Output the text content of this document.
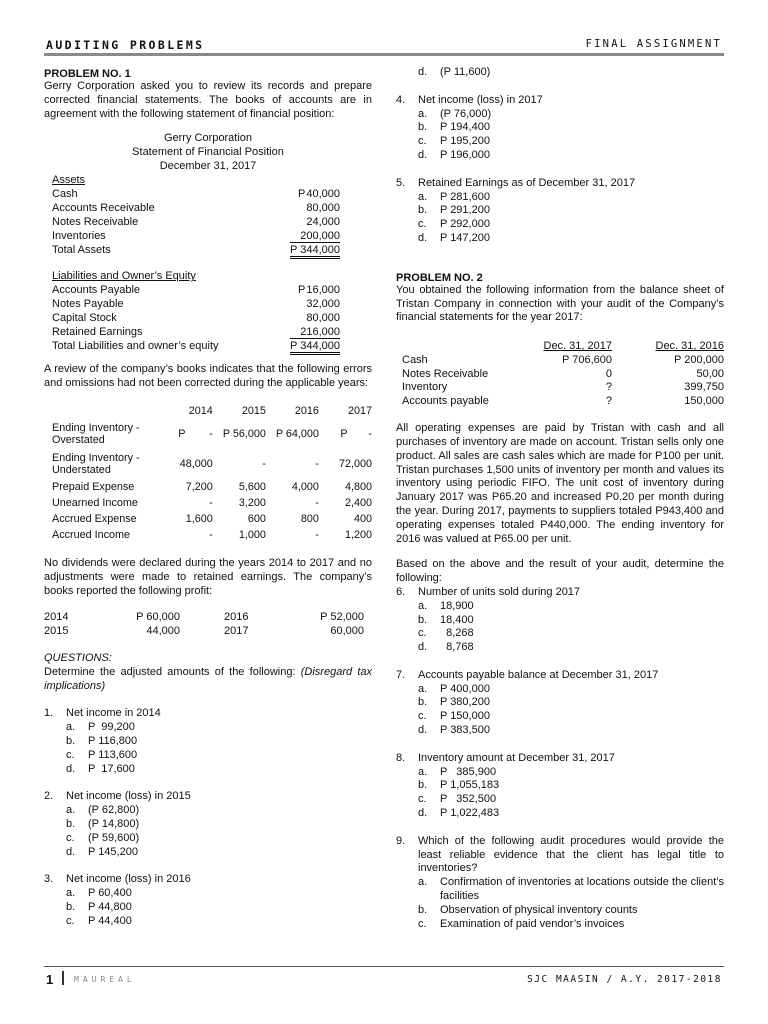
AUDITING PROBLEMS	FINAL ASSIGNMENT

PROBLEM NO. 1

Gerry Corporation asked you to review its records and prepare corrected financial statements. The books of accounts are in agreement with the following statement of financial position:

Gerry Corporation

Statement of Financial Position

December 31, 2017

Assets
Cash	P 40,000
Accounts Receivable	80,000
Notes Receivable	24,000
Inventories	200,000
Total Assets	P 344,000
Liabilities and Owner’s Equity
Accounts Payable	P 16,000
Notes Payable	32,000
Capital Stock	80,000
Retained Earnings	216,000
Total Liabilities and owner’s equity	P 344,000

A review of the company’s books indicates that the following errors and omissions had not been corrected during the applicable years:

	2014	2015	2016	2017
Ending Inventory - Overstated	P        -	P 56,000	P 64,000	P       -
Ending Inventory - Understated	48,000	-	-	72,000
Prepaid Expense	7,200	5,600	4,000	4,800
Unearned Income	-	3,200	-	2,400
Accrued Expense	1,600	600	800	400
Accrued Income	-	1,000	-	1,200

No dividends were declared during the years 2014 to 2017 and no adjustments were made to retained earnings. The company’s books reported the following profit:

2014	P 60,000		2016	P 52,000
2015	44,000		2017	60,000

QUESTIONS:

Determine the adjusted amounts of the following: (Disregard tax implications)

1.	Net income in 2014
a.	P  99,200
b.	P 116,800
c.	P 113,600
d.	P  17,600
2.	Net income (loss) in 2015
a.	(P 62,800)
b.	(P 14,800)
c.	(P 59,600)
d.	P 145,200
3.	Net income (loss) in 2016
a.	P 60,400
b.	P 44,800
c.	P 44,400
d.	(P 11,600)
4.	Net income (loss) in 2017
a.	(P 76,000)
b.	P 194,400
c.	P 195,200
d.	P 196,000
5.	Retained Earnings as of December 31, 2017
a.	P 281,600
b.	P 291,200
c.	P 292,000
d.	P 147,200

PROBLEM NO. 2

You obtained the following information from the balance sheet of Tristan Company in connection with your audit of the Company’s financial statements for the year 2017:

	Dec. 31, 2017	Dec. 31, 2016
Cash	P 706,600	P 200,000
Notes Receivable	0	50,00
Inventory	?	399,750
Accounts payable	?	150,000

All operating expenses are paid by Tristan with cash and all purchases of inventory are made on account. Tristan sells only one product. All sales are cash sales which are made for P100 per unit. Tristan purchases 1,500 units of inventory per month and values its inventory using periodic FIFO. The unit cost of inventory during January 2017 was P65.20 and increased P0.20 per month during the year. During 2017, payments to suppliers totaled P943,400 and operating expenses totaled P440,000. The ending inventory for 2016 was valued at P65.00 per unit.

Based on the above and the result of your audit, determine the following:

6.	Number of units sold during 2017
a.	18,900
b.	18,400
c.	8,268
d.	8,768
7.	Accounts payable balance at December 31, 2017
a.	P 400,000
b.	P 380,200
c.	P 150,000
d.	P 383,500
8.	Inventory amount at December 31, 2017
a.	P   385,900
b.	P 1,055,183
c.	P   352,500
d.	P 1,022,483
9.	Which of the following audit procedures would provide the least reliable evidence that the client has legal title to inventories?
a.	Confirmation of inventories at locations outside the client’s facilities
b.	Observation of physical inventory counts
c.	Examination of paid vendor’s invoices
1	MAUREAL	SJC MAASIN / A.Y. 2017-2018
